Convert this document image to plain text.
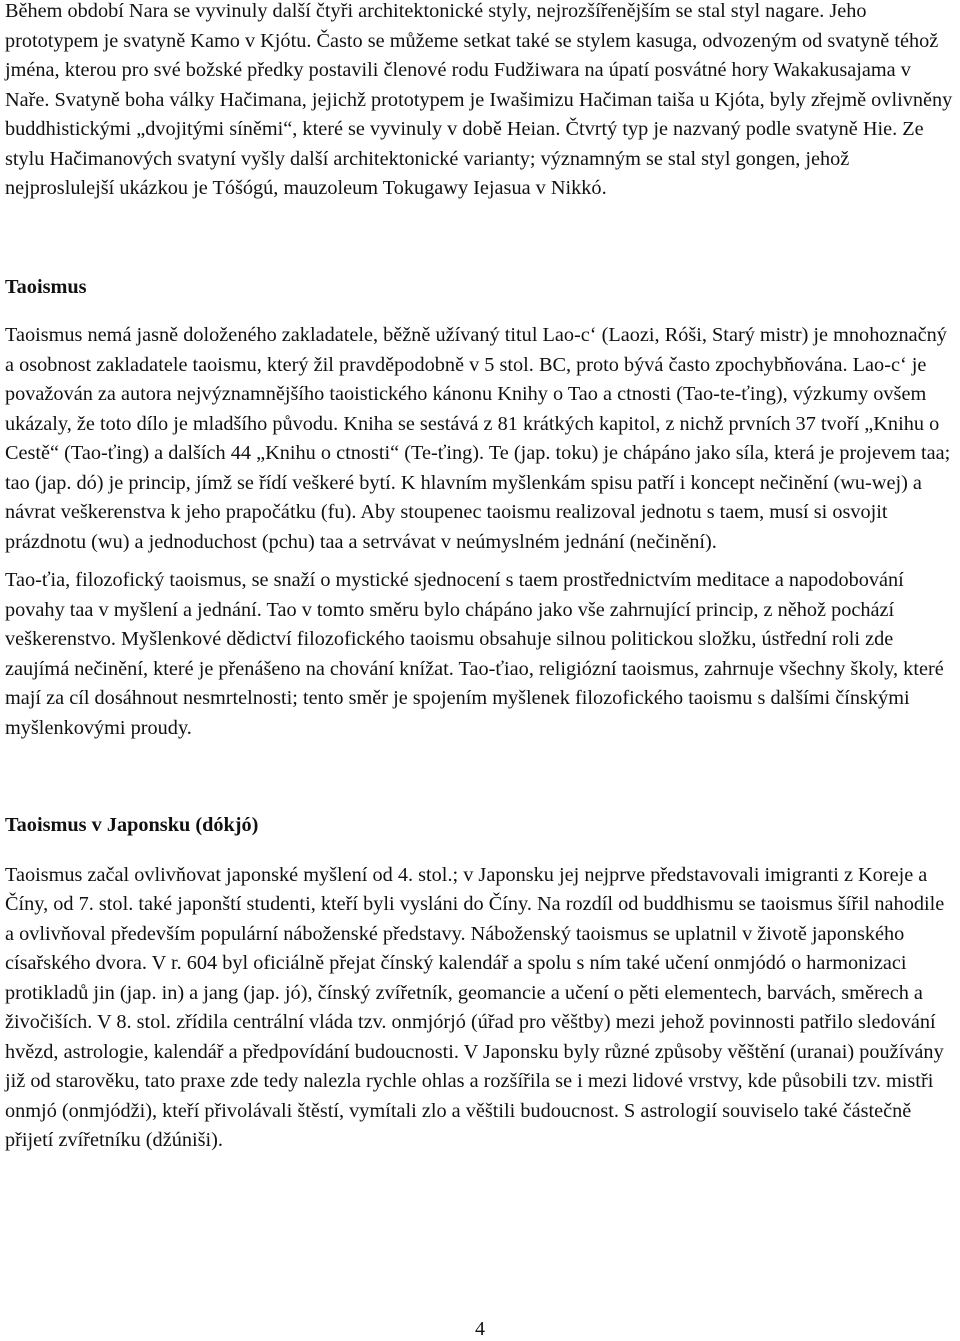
Během období Nara se vyvinuly další čtyři architektonické styly, nejrozšířenějším se stal styl nagare. Jeho prototypem je svatyně Kamo v Kjótu. Často se můžeme setkat také se stylem kasuga, odvozeným od svatyně téhož jména, kterou pro své božské předky postavili členové rodu Fudžiwara na úpatí posvátné hory Wakakusajama v Naře. Svatyně boha války Hačimana, jejichž prototypem je Iwašimizu Hačiman taiša u Kjóta, byly zřejmě ovlivněny buddhistickými „dvojitými síněmi“, které se vyvinuly v době Heian. Čtvrtý typ je nazvaný podle svatyně Hie. Ze stylu Hačimanových svatyní vyšly další architektonické varianty; významným se stal styl gongen, jehož nejproslulejší ukázkou je Tóšógú, mauzoleum Tokugawy Iejasua v Nikkó.

Taoismus

Taoismus nemá jasně doloženého zakladatele, běžně užívaný titul Lao-c‘ (Laozi, Róši, Starý mistr) je mnohoznačný a osobnost zakladatele taoismu, který žil pravděpodobně v 5 stol. BC, proto bývá často zpochybňována. Lao-c‘ je považován za autora nejvýznamnějšího taoistického kánonu Knihy o Tao a ctnosti (Tao-te-ťing), výzkumy ovšem ukázaly, že toto dílo je mladšího původu. Kniha se sestává z 81 krátkých kapitol, z nichž prvních 37 tvoří „Knihu o Cestě“ (Tao-ťing) a dalších 44 „Knihu o ctnosti“ (Te-ťing). Te (jap. toku) je chápáno jako síla, která je projevem taa; tao (jap. dó) je princip, jímž se řídí veškeré bytí. K hlavním myšlenkám spisu patří i koncept nečinění (wu-wej) a návrat veškerenstva k jeho prapočátku (fu). Aby stoupenec taoismu realizoval jednotu s taem, musí si osvojit prázdnotu (wu) a jednoduchost (pchu) taa a setrvávat v neúmyslném jednání (nečinění).

Tao-ťia, filozofický taoismus, se snaží o mystické sjednocení s taem prostřednictvím meditace a napodobování povahy taa v myšlení a jednání. Tao v tomto směru bylo chápáno jako vše zahrnující princip, z něhož pochází veškerenstvo. Myšlenkové dědictví filozofického taoismu obsahuje silnou politickou složku, ústřední roli zde zaujímá nečinění, které je přenášeno na chování knížat. Tao-ťiao, religiózní taoismus, zahrnuje všechny školy, které mají za cíl dosáhnout nesmrtelnosti; tento směr je spojením myšlenek filozofického taoismu s dalšími čínskými myšlenkovými proudy.

Taoismus v Japonsku (dókjó)

Taoismus začal ovlivňovat japonské myšlení od 4. stol.; v Japonsku jej nejprve představovali imigranti z Koreje a Číny, od 7. stol. také japonští studenti, kteří byli vysláni do Číny. Na rozdíl od buddhismu se taoismus šířil nahodile a ovlivňoval především populární náboženské představy. Náboženský taoismus se uplatnil v životě japonského císařského dvora. V r. 604 byl oficiálně přejat čínský kalendář a spolu s ním také učení onmjódó o harmonizaci protikladů jin (jap. in) a jang (jap. jó), čínský zvířetník, geomancie a učení o pěti elementech, barvách, směrech a živočiších. V 8. stol. zřídila centrální vláda tzv. onmjórjó (úřad pro věštby) mezi jehož povinnosti patřilo sledování hvězd, astrologie, kalendář a předpovídání budoucnosti. V Japonsku byly různé způsoby věštění (uranai) používány již od starověku, tato praxe zde tedy nalezla rychle ohlas a rozšířila se i mezi lidové vrstvy, kde působili tzv. mistři onmjó (onmjódži), kteří přivolávali štěstí, vymítali zlo a věštili budoucnost. S astrologií souviselo také částečně přijetí zvířetníku (džúniši).

4
